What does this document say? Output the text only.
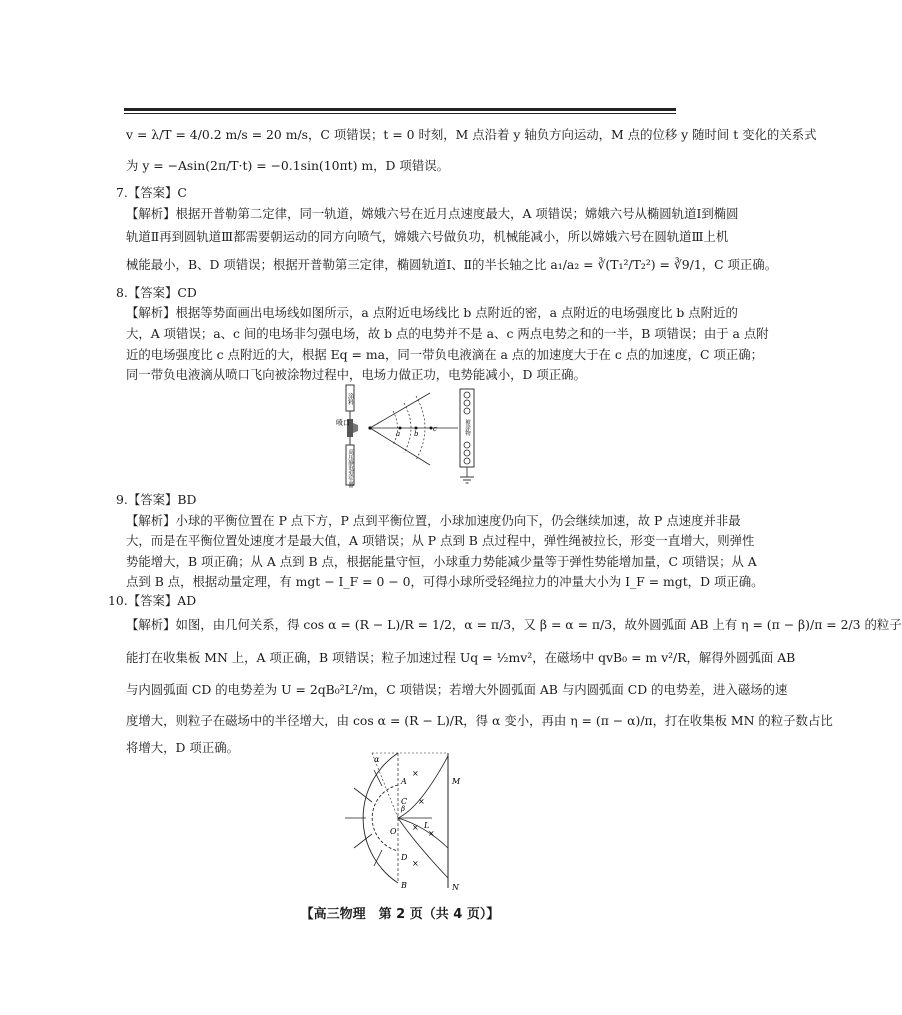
v = λ/T = 4/0.2 m/s = 20 m/s，C 项错误；t = 0 时刻，M 点沿着 y 轴负方向运动，M 点的位移 y 随时间 t 变化的关系式
为 y = −Asin(2π/T·t) = −0.1sin(10πt) m，D 项错误。
7.【答案】C
【解析】根据开普勒第二定律，同一轨道，嫦娥六号在近月点速度最大，A 项错误；嫦娥六号从椭圆轨道Ⅰ到椭圆
轨道Ⅱ再到圆轨道Ⅲ都需要朝运动的同方向喷气，嫦娥六号做负功，机械能减小，所以嫦娥六号在圆轨道Ⅲ上机
械能最小，B、D 项错误；根据开普勒第三定律，椭圆轨道Ⅰ、Ⅱ的半长轴之比 a₁/a₂ = ∛(T₁²/T₂²) = ∛9/1，C 项正确。
8.【答案】CD
【解析】根据等势面画出电场线如图所示，a 点附近电场线比 b 点附近的密，a 点附近的电场强度比 b 点附近的
大，A 项错误；a、c 间的电场非匀强电场，故 b 点的电势并不是 a、c 两点电势之和的一半，B 项错误；由于 a 点附
近的电场强度比 c 点附近的大，根据 Eq = ma，同一带负电液滴在 a 点的加速度大于在 c 点的加速度，C 项正确；
同一带负电液滴从喷口飞向被涂物过程中，电场力做正功，电势能减小，D 项正确。
涂料
喷口
高压静电发生器
a b
c	被涂物
9.【答案】BD
【解析】小球的平衡位置在 P 点下方，P 点到平衡位置，小球加速度仍向下，仍会继续加速，故 P 点速度并非最
大，而是在平衡位置处速度才是最大值，A 项错误；从 P 点到 B 点过程中，弹性绳被拉长，形变一直增大，则弹性
势能增大，B 项正确；从 A 点到 B 点，根据能量守恒，小球重力势能减少量等于弹性势能增加量，C 项错误；从 A
点到 B 点，根据动量定理，有 mgt − I_F = 0 − 0，可得小球所受轻绳拉力的冲量大小为 I_F = mgt，D 项正确。
10.【答案】AD
【解析】如图，由几何关系，得 cos α = (R − L)/R = 1/2，α = π/3，又 β = α = π/3，故外圆弧面 AB 上有 η = (π − β)/π = 2/3 的粒子
能打在收集板 MN 上，A 项正确，B 项错误；粒子加速过程 Uq = ½mv²，在磁场中 qvB₀ = m v²/R，解得外圆弧面 AB
与内圆弧面 CD 的电势差为 U = 2qB₀²L²/m，C 项错误；若增大外圆弧面 AB 与内圆弧面 CD 的电势差，进入磁场的速
度增大，则粒子在磁场中的半径增大，由 cos α = (R − L)/R，得 α 变小，再由 η = (π − α)/π，打在收集板 MN 的粒子数占比
将增大，D 项正确。
×
×
×
×
×
α
β
A
B
C
D
O
L
M
N
【高三物理　第 2 页（共 4 页）】
